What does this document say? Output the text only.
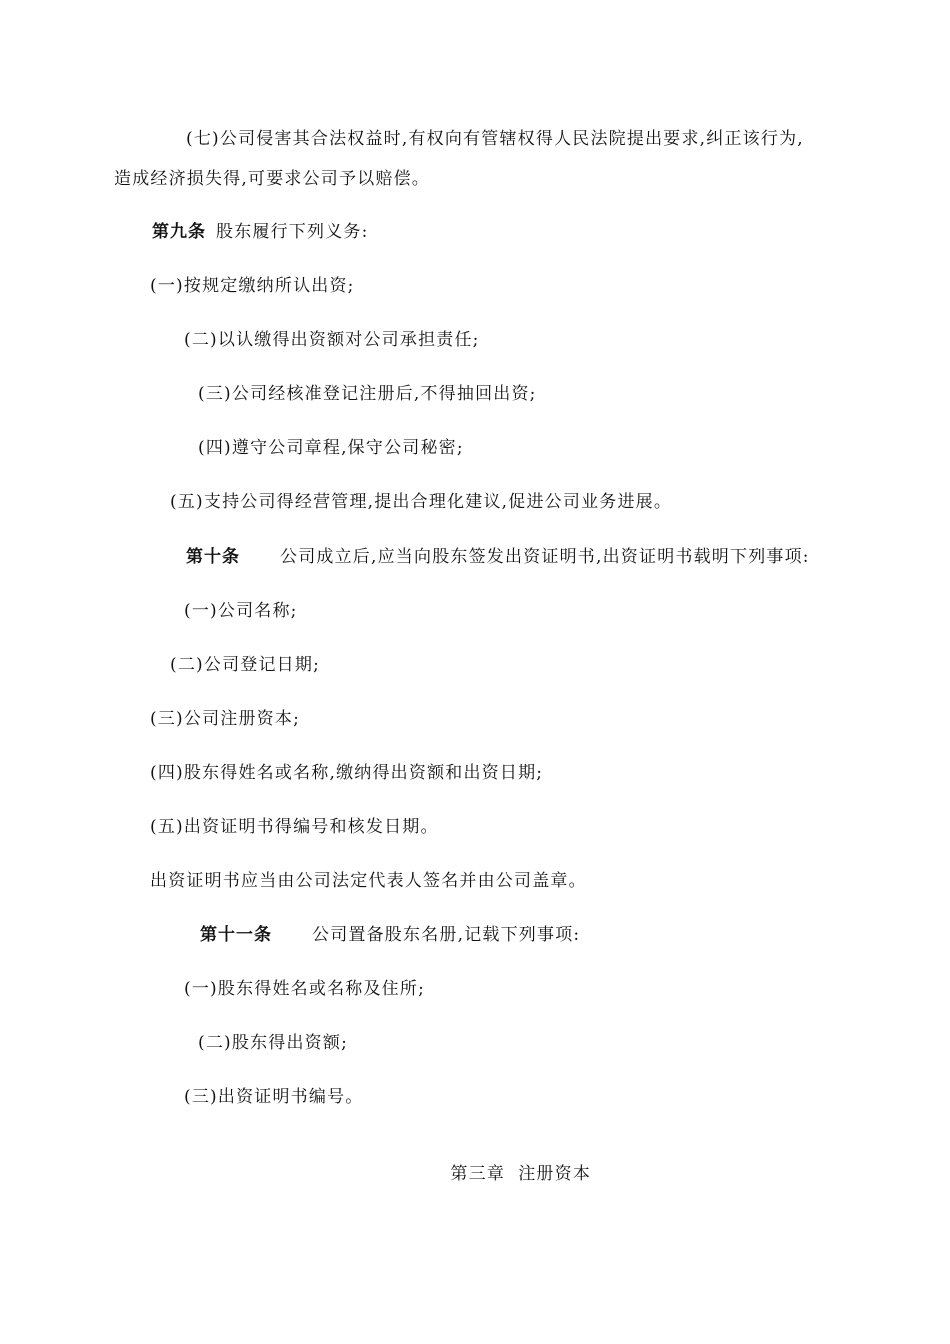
(七)公司侵害其合法权益时,有权向有管辖权得人民法院提出要求,纠正该行为,
造成经济损失得,可要求公司予以赔偿。
第九条 股东履行下列义务:
(一)按规定缴纳所认出资;
(二)以认缴得出资额对公司承担责任;
(三)公司经核准登记注册后,不得抽回出资;
(四)遵守公司章程,保守公司秘密;
(五)支持公司得经营管理,提出合理化建议,促进公司业务进展。
第十条 公司成立后,应当向股东签发出资证明书,出资证明书载明下列事项:
(一)公司名称;
(二)公司登记日期;
(三)公司注册资本;
(四)股东得姓名或名称,缴纳得出资额和出资日期;
(五)出资证明书得编号和核发日期。
出资证明书应当由公司法定代表人签名并由公司盖章。
第十一条 公司置备股东名册,记载下列事项:
(一)股东得姓名或名称及住所;
(二)股东得出资额;
(三)出资证明书编号。

第三章  注册资本
